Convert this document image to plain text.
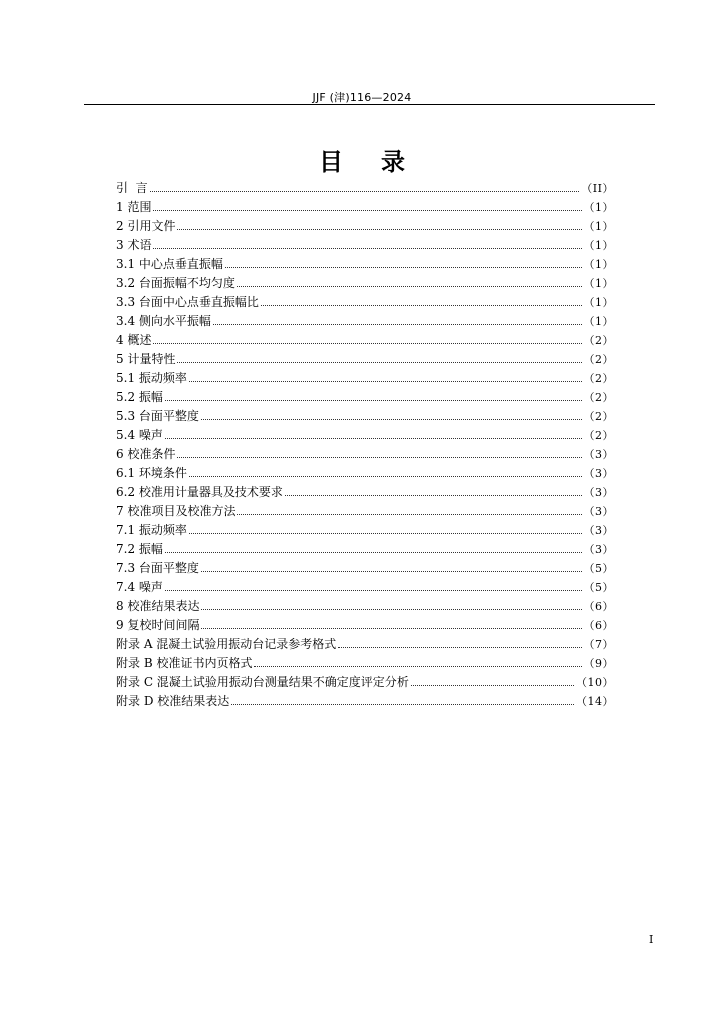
JJF (津)116—2024
目录
引  言	（II）
1 范围	（1）
2 引用文件	（1）
3 术语	（1）
3.1 中心点垂直振幅	（1）
3.2 台面振幅不均匀度	（1）
3.3 台面中心点垂直振幅比	（1）
3.4 侧向水平振幅	（1）
4 概述	（2）
5 计量特性	（2）
5.1 振动频率	（2）
5.2 振幅	（2）
5.3 台面平整度	（2）
5.4 噪声	（2）
6 校准条件	（3）
6.1 环境条件	（3）
6.2 校准用计量器具及技术要求	（3）
7 校准项目及校准方法	（3）
7.1 振动频率	（3）
7.2 振幅	（3）
7.3 台面平整度	（5）
7.4 噪声	（5）
8 校准结果表达	（6）
9 复校时间间隔	（6）
附录 A 混凝土试验用振动台记录参考格式	（7）
附录 B 校准证书内页格式	（9）
附录 C 混凝土试验用振动台测量结果不确定度评定分析	（10）
附录 D 校准结果表达	（14）
I
